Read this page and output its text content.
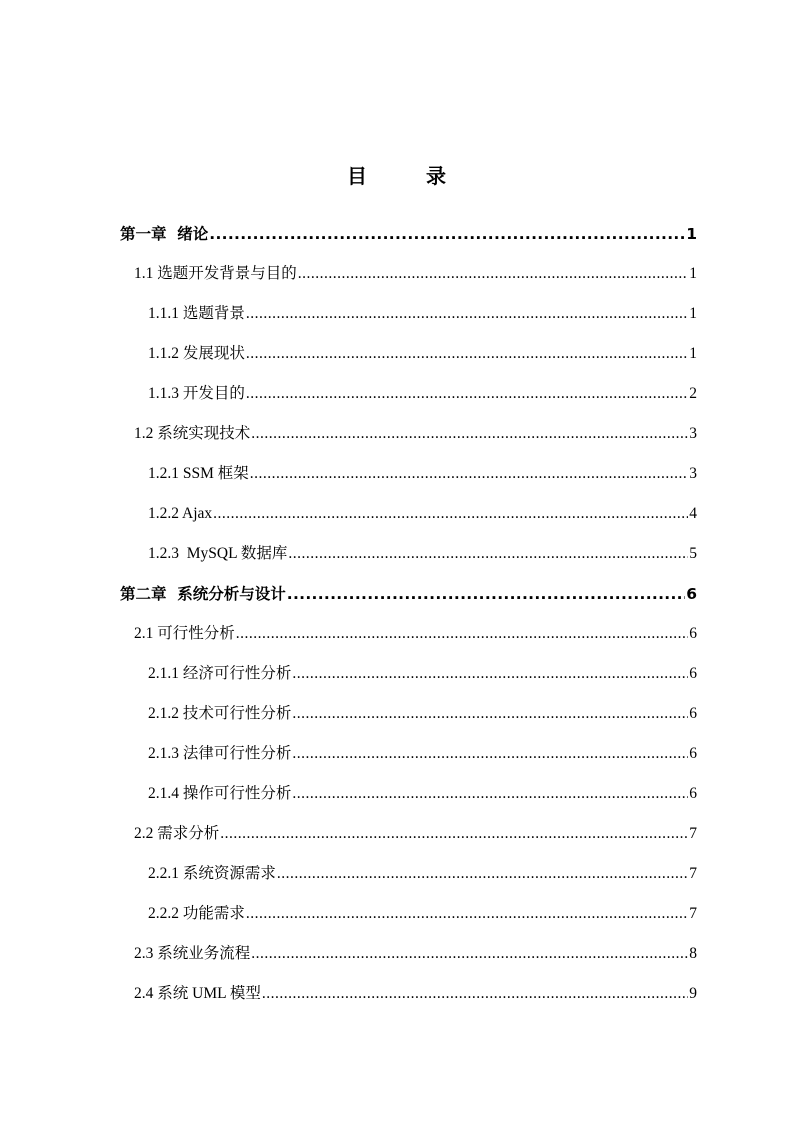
目 录
第一章  绪论 .....	1
1.1 选题开发背景与目的 .....	1
1.1.1 选题背景 .....	1
1.1.2 发展现状 .....	1
1.1.3 开发目的 .....	2
1.2 系统实现技术 .....	3
1.2.1 SSM 框架 .....	3
1.2.2 Ajax .....	4
1.2.3  MySQL 数据库 .....	5
第二章  系统分析与设计 .....	6
2.1 可行性分析 .....	6
2.1.1 经济可行性分析 .....	6
2.1.2 技术可行性分析 .....	6
2.1.3 法律可行性分析 .....	6
2.1.4 操作可行性分析 .....	6
2.2 需求分析 .....	7
2.2.1 系统资源需求 .....	7
2.2.2 功能需求 .....	7
2.3 系统业务流程 .....	8
2.4 系统 UML 模型 .....	9
